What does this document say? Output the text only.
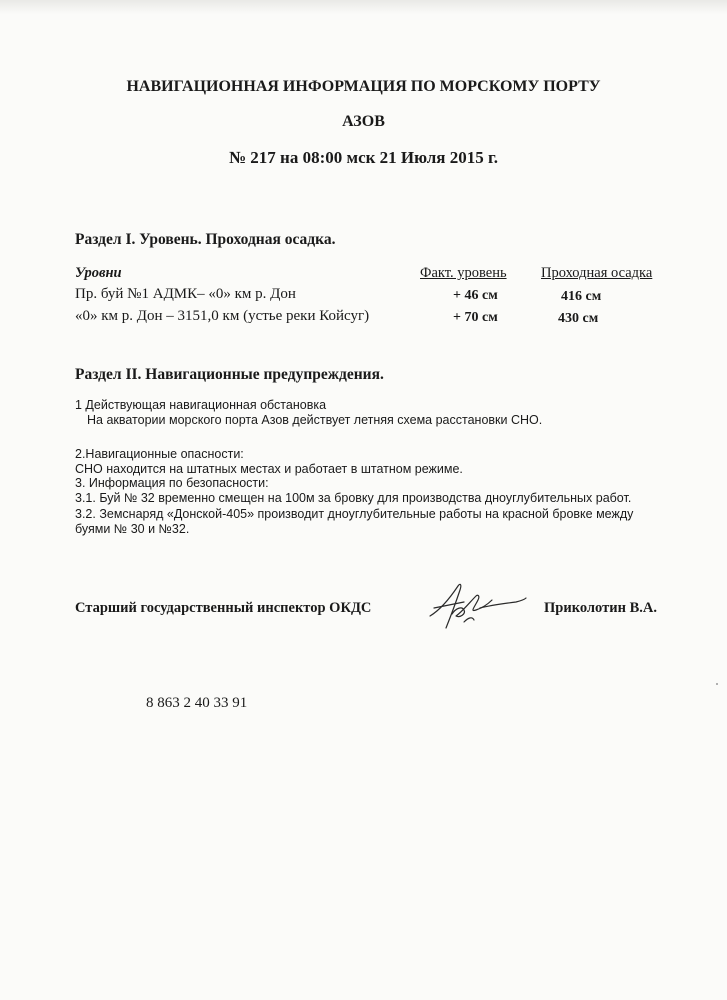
НАВИГАЦИОННАЯ ИНФОРМАЦИЯ ПО МОРСКОМУ ПОРТУ
АЗОВ
№ 217 на 08:00 мск 21 Июля 2015 г.
Раздел I. Уровень. Проходная осадка.
Уровни	Факт. уровень Проходная осадка
Пр. буй №1 АДМК– «0» км р. Дон	+ 46 см	416 см
«0» км р. Дон – 3151,0 км (устье реки Койсуг)	+ 70 см	430 см
Раздел II. Навигационные предупреждения.
1 Действующая навигационная обстановка
На акватории морского порта Азов действует летняя схема расстановки СНО.
2.Навигационные опасности:
СНО находится на штатных местах и работает в штатном режиме.
3. Информация по безопасности:
3.1. Буй № 32 временно смещен на 100м за бровку для производства дноуглубительных работ.
3.2. Земснаряд «Донской-405» производит дноуглубительные работы на красной бровке между
буями № 30 и №32.
Старший государственный инспектор ОКДС	Приколотин В.А.
8 863 2 40 33 91
